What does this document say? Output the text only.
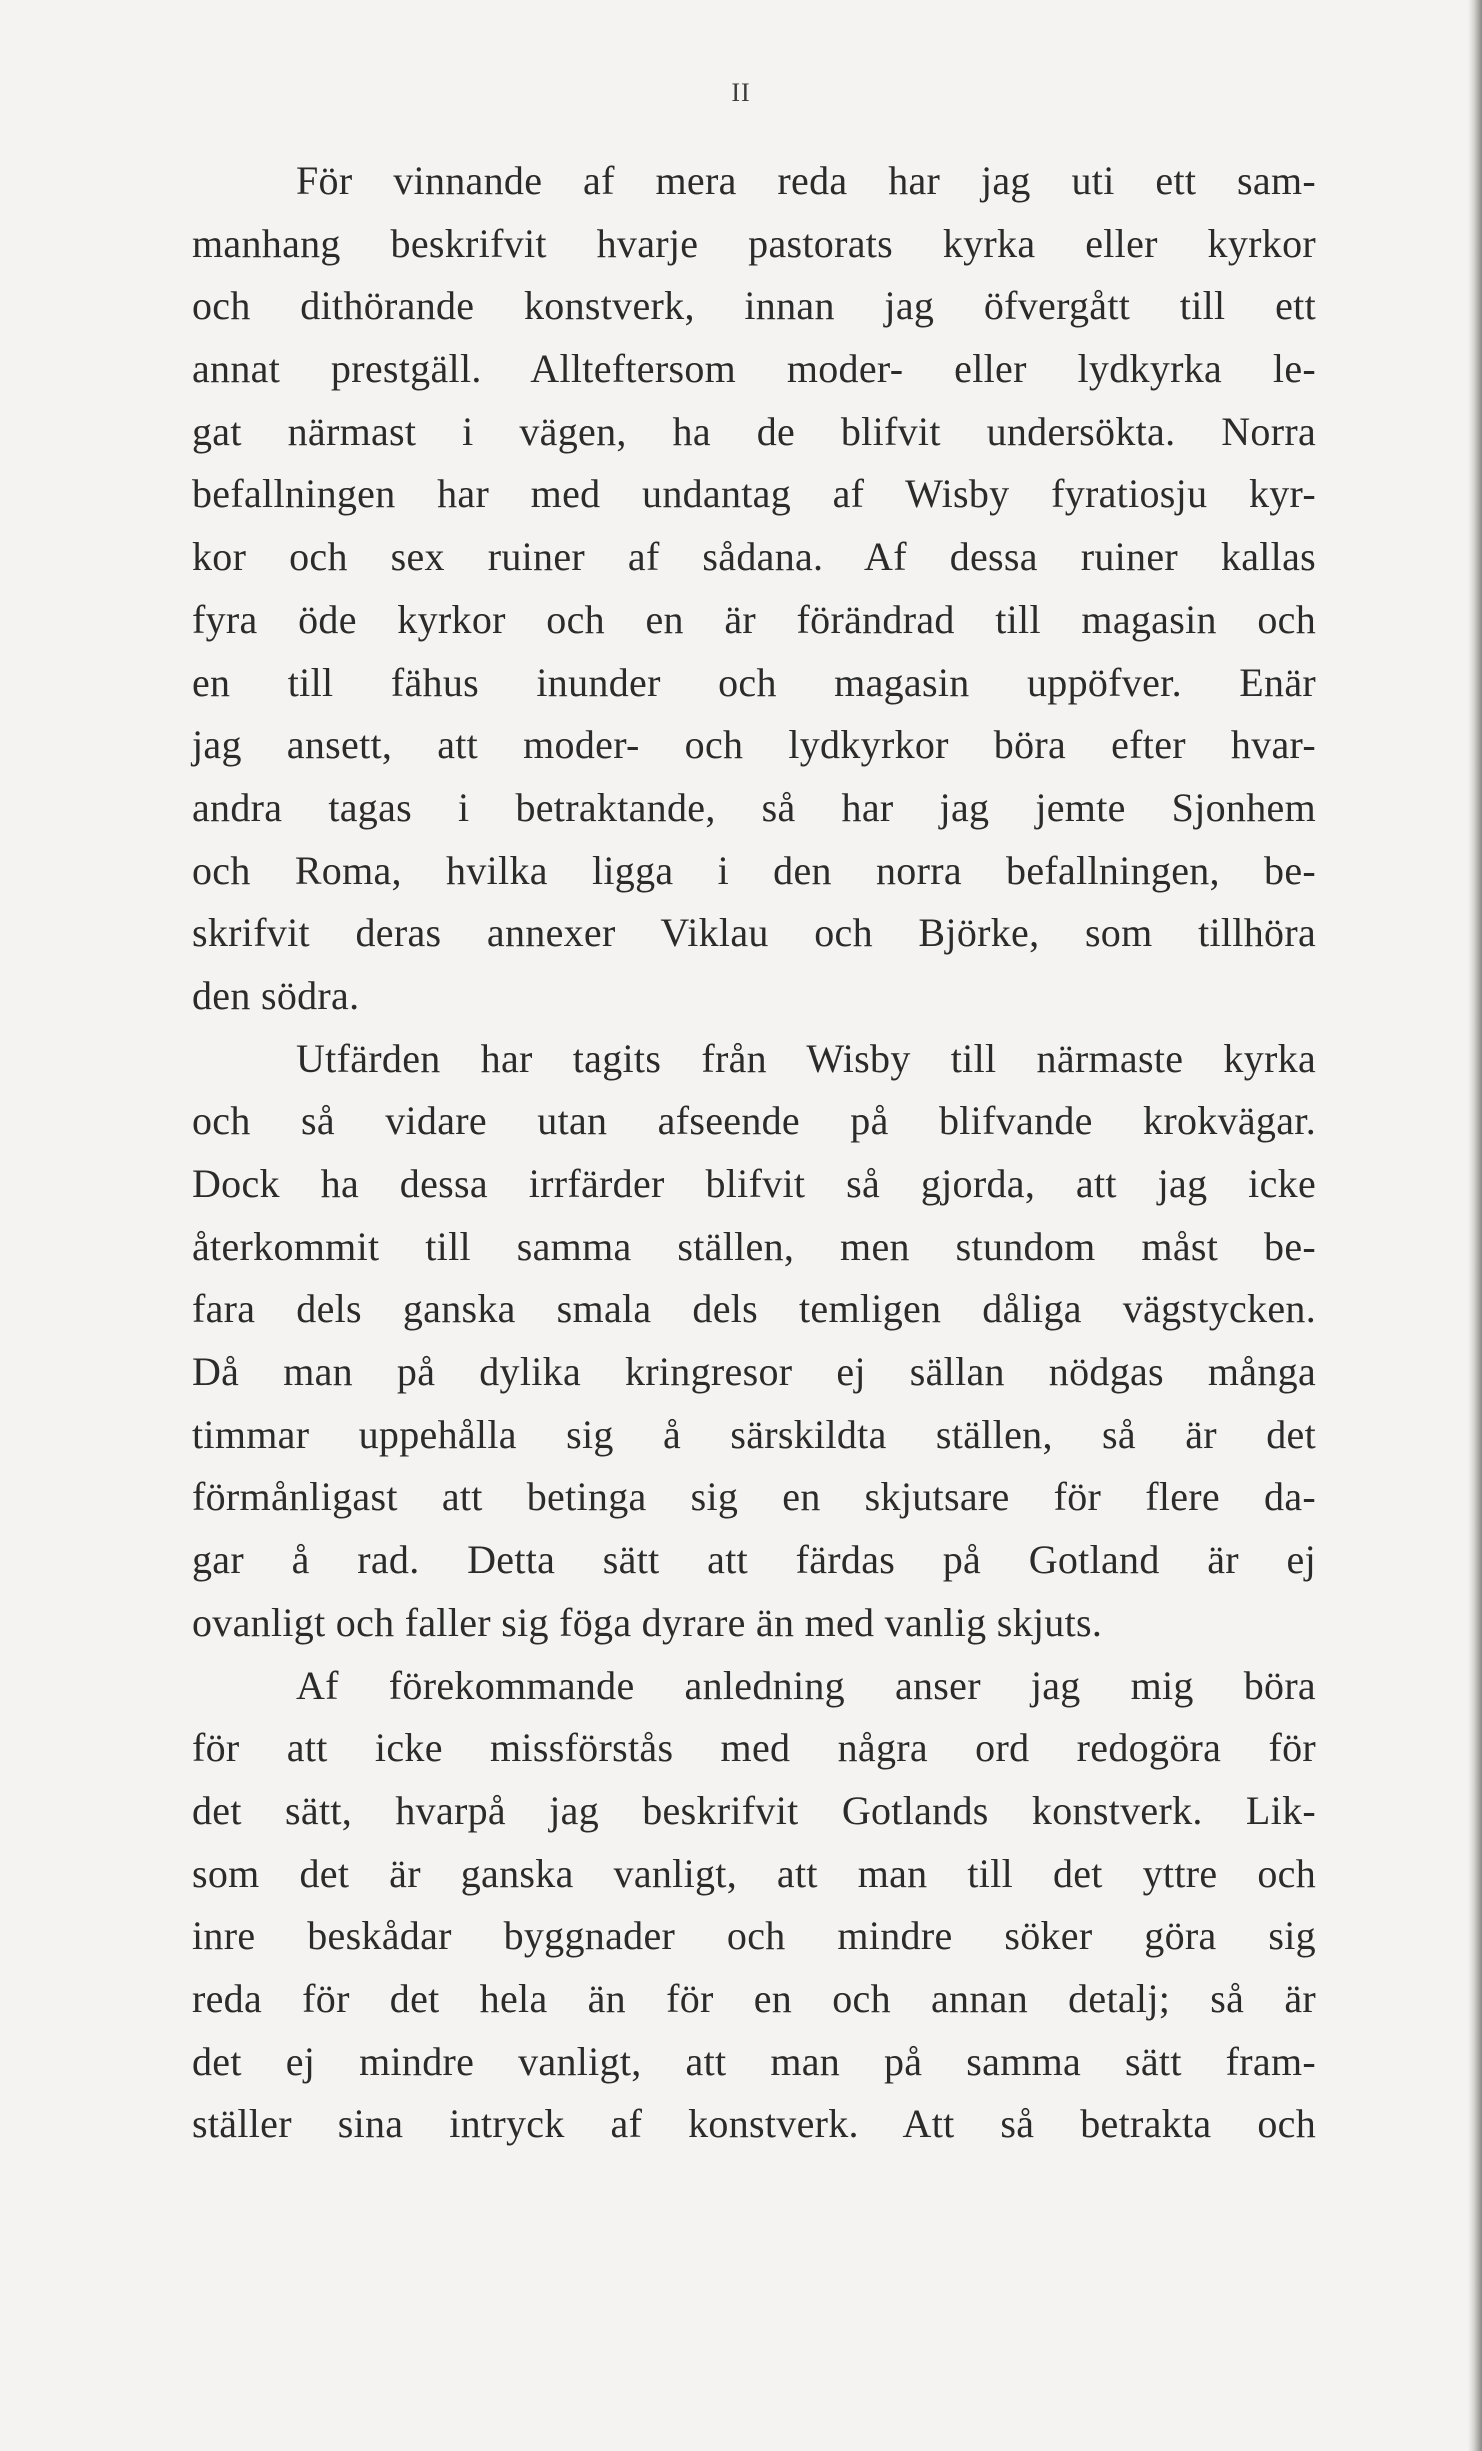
II
För vinnande af mera reda har jag uti ett sam-
manhang beskrifvit hvarje pastorats kyrka eller kyrkor
och dithörande konstverk, innan jag öfvergått till ett
annat prestgäll. Allteftersom moder- eller lydkyrka le-
gat närmast i vägen, ha de blifvit undersökta. Norra
befallningen har med undantag af Wisby fyratiosju kyr-
kor och sex ruiner af sådana. Af dessa ruiner kallas
fyra öde kyrkor och en är förändrad till magasin och
en till fähus inunder och magasin uppöfver. Enär
jag ansett, att moder- och lydkyrkor böra efter hvar-
andra tagas i betraktande, så har jag jemte Sjonhem
och Roma, hvilka ligga i den norra befallningen, be-
skrifvit deras annexer Viklau och Björke, som tillhöra
den södra.
Utfärden har tagits från Wisby till närmaste kyrka
och så vidare utan afseende på blifvande krokvägar.
Dock ha dessa irrfärder blifvit så gjorda, att jag icke
återkommit till samma ställen, men stundom måst be-
fara dels ganska smala dels temligen dåliga vägstycken.
Då man på dylika kringresor ej sällan nödgas många
timmar uppehålla sig å särskildta ställen, så är det
förmånligast att betinga sig en skjutsare för flere da-
gar å rad. Detta sätt att färdas på Gotland är ej
ovanligt och faller sig föga dyrare än med vanlig skjuts.
Af förekommande anledning anser jag mig böra
för att icke missförstås med några ord redogöra för
det sätt, hvarpå jag beskrifvit Gotlands konstverk. Lik-
som det är ganska vanligt, att man till det yttre och
inre beskådar byggnader och mindre söker göra sig
reda för det hela än för en och annan detalj; så är
det ej mindre vanligt, att man på samma sätt fram-
ställer sina intryck af konstverk. Att så betrakta och
